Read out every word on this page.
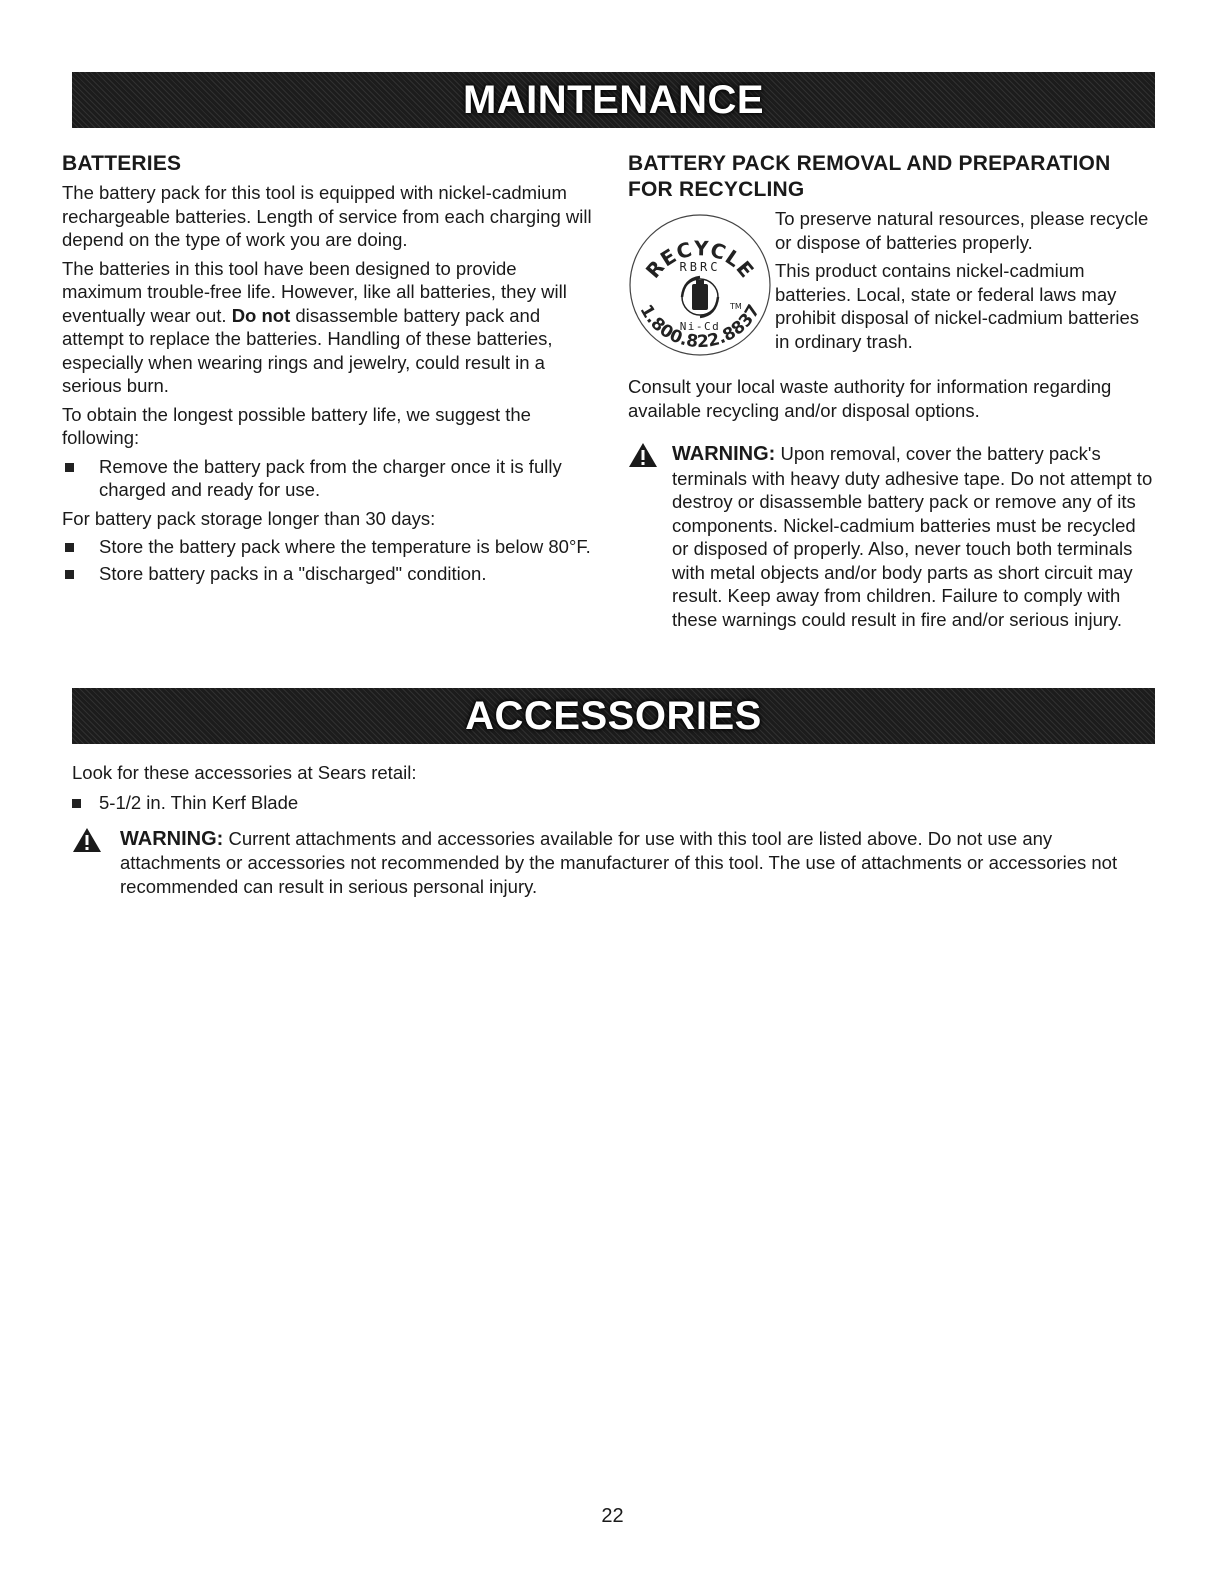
MAINTENANCE
BATTERIES

The battery pack for this tool is equipped with nickel-cadmium rechargeable batteries. Length of service from each charging will depend on the type of work you are doing.

The batteries in this tool have been designed to provide maximum trouble-free life. However, like all batteries, they will eventually wear out. Do not disassemble battery pack and attempt to replace the batteries. Handling of these batteries, especially when wearing rings and jewelry, could result in a serious burn.

To obtain the longest possible battery life, we suggest the following:

Remove the battery pack from the charger once it is fully charged and ready for use.

For battery pack storage longer than 30 days:

Store the battery pack where the temperature is below 80°F.
Store battery packs in a "discharged" condition.
BATTERY PACK REMOVAL AND PREPARATION FOR RECYCLING
RECYCLE
RBRC
TM
Ni-Cd
1.800.822.8837

To preserve natural resources, please recycle or dispose of batteries properly.

This product contains nickel-cadmium batteries. Local, state or federal laws may prohibit disposal of nickel-cadmium batteries in ordinary trash.

Consult your local waste authority for information regarding available recycling and/or disposal options.

WARNING: Upon removal, cover the battery pack's terminals with heavy duty adhesive tape. Do not attempt to destroy or disassemble battery pack or remove any of its components. Nickel-cadmium batteries must be recycled or disposed of properly. Also, never touch both terminals with metal objects and/or body parts as short circuit may result. Keep away from children. Failure to comply with these warnings could result in fire and/or serious injury.
ACCESSORIES

Look for these accessories at Sears retail:

5-1/2 in. Thin Kerf Blade
WARNING: Current attachments and accessories available for use with this tool are listed above. Do not use any attachments or accessories not recommended by the manufacturer of this tool. The use of attachments or accessories not recommended can result in serious personal injury.
22
